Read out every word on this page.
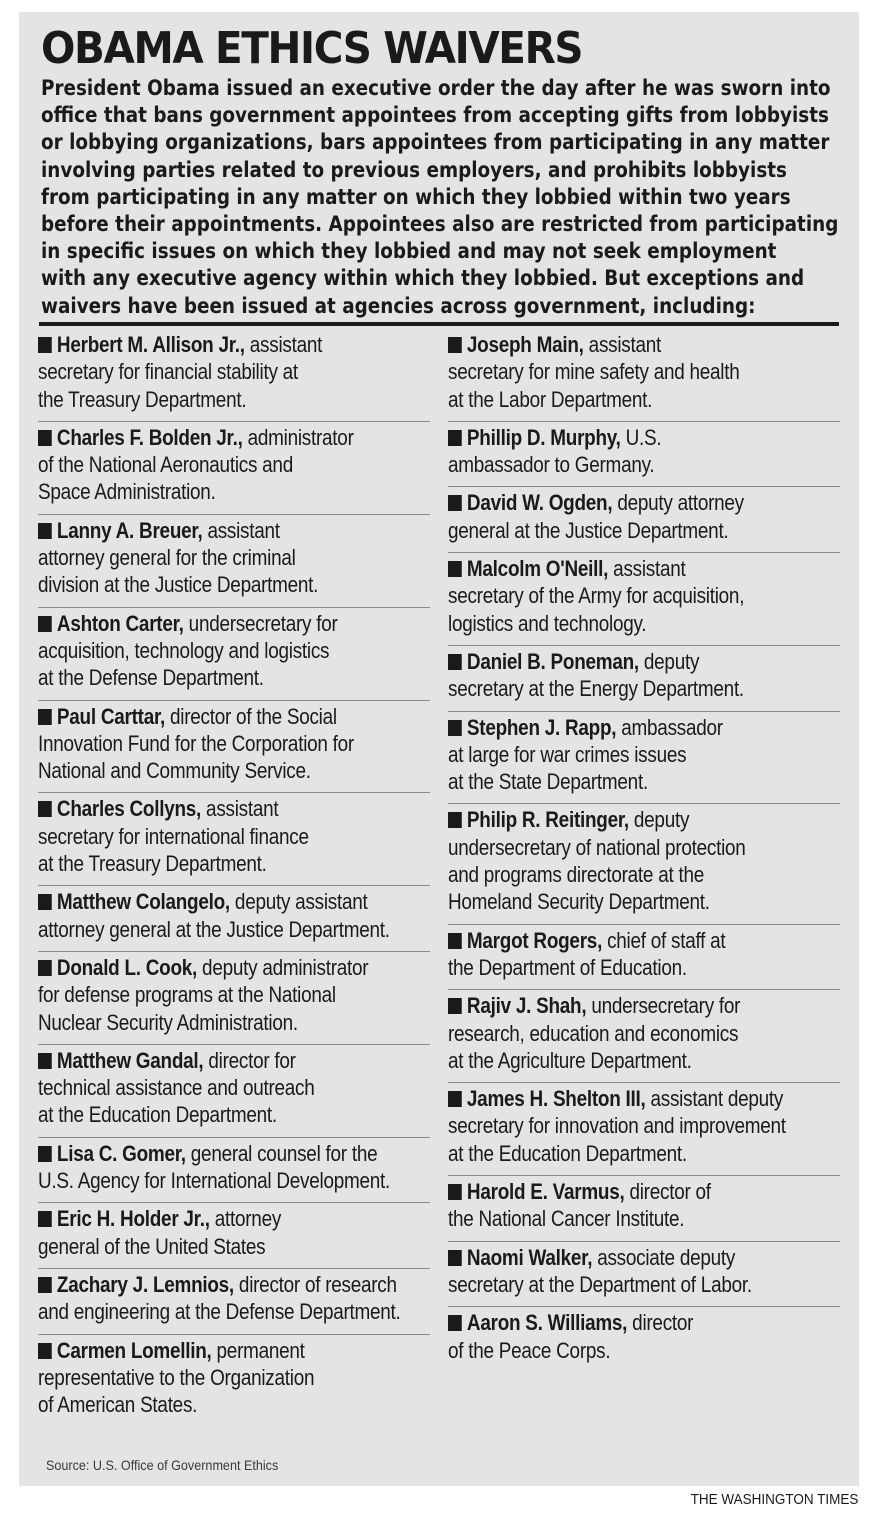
OBAMA ETHICS WAIVERS
President Obama issued an executive order the day after he was sworn into
office that bans government appointees from accepting gifts from lobbyists
or lobbying organizations, bars appointees from participating in any matter
involving parties related to previous employers, and prohibits lobbyists
from participating in any matter on which they lobbied within two years
before their appointments. Appointees also are restricted from participating
in specific issues on which they lobbied and may not seek employment
with any executive agency within which they lobbied. But exceptions and
waivers have been issued at agencies across government, including:
Herbert M. Allison Jr., assistant
secretary for financial stability at
the Treasury Department.
Charles F. Bolden Jr., administrator
of the National Aeronautics and
Space Administration.
Lanny A. Breuer, assistant
attorney general for the criminal
division at the Justice Department.
Ashton Carter, undersecretary for
acquisition, technology and logistics
at the Defense Department.
Paul Carttar, director of the Social
Innovation Fund for the Corporation for
National and Community Service.
Charles Collyns, assistant
secretary for international finance
at the Treasury Department.
Matthew Colangelo, deputy assistant
attorney general at the Justice Department.
Donald L. Cook, deputy administrator
for defense programs at the National
Nuclear Security Administration.
Matthew Gandal, director for
technical assistance and outreach
at the Education Department.
Lisa C. Gomer, general counsel for the
U.S. Agency for International Development.
Eric H. Holder Jr., attorney
general of the United States
Zachary J. Lemnios, director of research
and engineering at the Defense Department.
Carmen Lomellin, permanent
representative to the Organization
of American States.
Joseph Main, assistant
secretary for mine safety and health
at the Labor Department.
Phillip D. Murphy, U.S.
ambassador to Germany.
David W. Ogden, deputy attorney
general at the Justice Department.
Malcolm O'Neill, assistant
secretary of the Army for acquisition,
logistics and technology.
Daniel B. Poneman, deputy
secretary at the Energy Department.
Stephen J. Rapp, ambassador
at large for war crimes issues
at the State Department.
Philip R. Reitinger, deputy
undersecretary of national protection
and programs directorate at the
Homeland Security Department.
Margot Rogers, chief of staff at
the Department of Education.
Rajiv J. Shah, undersecretary for
research, education and economics
at the Agriculture Department.
James H. Shelton III, assistant deputy
secretary for innovation and improvement
at the Education Department.
Harold E. Varmus, director of
the National Cancer Institute.
Naomi Walker, associate deputy
secretary at the Department of Labor.
Aaron S. Williams, director
of the Peace Corps.
Source: U.S. Office of Government Ethics
THE WASHINGTON TIMES
